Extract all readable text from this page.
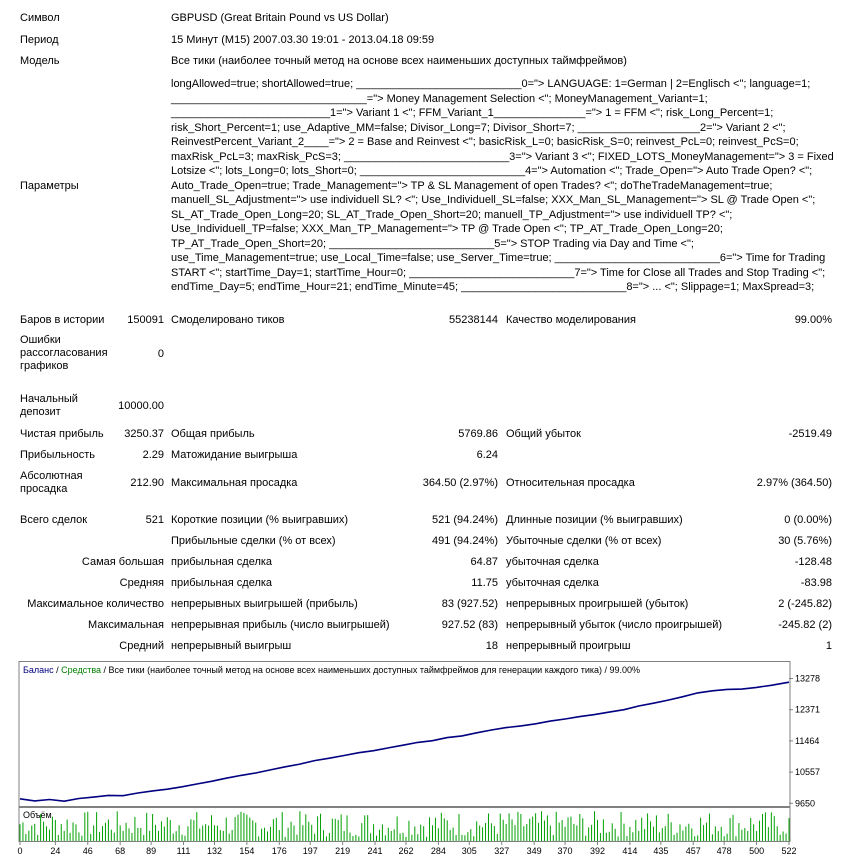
Символ	GBPUSD (Great Britain Pound vs US Dollar)
Период	15 Минут (M15) 2007.03.30 19:01 - 2013.04.18 09:59
Модель	Все тики (наиболее точный метод на основе всех наименьших доступных таймфреймов)
Параметры
longAllowed=true; shortAllowed=true; ___________________________0="> LANGUAGE: 1=German | 2=Englisch <"; language=1; ________________________________="> Money Management Selection <"; MoneyManagement_Variant=1; __________________________1="> Variant 1 <"; FFM_Variant_1_______________="> 1 = FFM <"; risk_Long_Percent=1; risk_Short_Percent=1; use_Adaptive_MM=false; Divisor_Long=7; Divisor_Short=7; ____________________2="> Variant 2 <"; ReinvestPercent_Variant_2____="> 2 = Base and Reinvest <"; basicRisk_L=0; basicRisk_S=0; reinvest_PcL=0; reinvest_PcS=0; maxRisk_PcL=3; maxRisk_PcS=3; ___________________________3="> Variant 3 <"; FIXED_LOTS_MoneyManagement="> 3 = Fixed Lotsize <"; lots_Long=0; lots_Short=0; ___________________________4="> Automation <"; Trade_Open="> Auto Trade Open? <"; Auto_Trade_Open=true; Trade_Management="> TP & SL Management of open Trades? <"; doTheTradeManagement=true; manuell_SL_Adjustment="> use individuell SL? <"; Use_Individuell_SL=false; XXX_Man_SL_Management="> SL @ Trade Open <"; SL_AT_Trade_Open_Long=20; SL_AT_Trade_Open_Short=20; manuell_TP_Adjustment="> use individuell TP? <"; Use_Individuell_TP=false; XXX_Man_TP_Management="> TP @ Trade Open <"; TP_AT_Trade_Open_Long=20; TP_AT_Trade_Open_Short=20; ___________________________5="> STOP Trading via Day and Time <"; use_Time_Management=true; use_Local_Time=false; use_Server_Time=true; ___________________________6="> Time for Trading START <"; startTime_Day=1; startTime_Hour=0; ___________________________7="> Time for Close all Trades and Stop Trading <"; endTime_Day=5; endTime_Hour=21; endTime_Minute=45; ___________________________8="> ... <"; Slippage=1; MaxSpread=3;
Баров в истории	150091 Смоделировано тиков	55238144 Качество моделирования	99.00%
Ошибки рассогласования графиков
0
Начальный депозит	10000.00
Чистая прибыль	3250.37 Общая прибыль	5769.86 Общий убыток	-2519.49
Прибыльность	2.29 Матожидание выигрыша	6.24
Абсолютная просадка	212.90 Максимальная просадка	364.50 (2.97%) Относительная просадка	2.97% (364.50)
Всего сделок	521 Короткие позиции (% выигравших)	521 (94.24%) Длинные позиции (% выигравших)	0 (0.00%)
Прибыльные сделки (% от всех)	491 (94.24%) Убыточные сделки (% от всех)	30 (5.76%)
Самая большая прибыльная сделка	64.87 убыточная сделка	-128.48
Средняя прибыльная сделка	11.75 убыточная сделка	-83.98
Максимальное количество непрерывных выигрышей (прибыль)	83 (927.52) непрерывных проигрышей (убыток)	2 (-245.82)
Максимальная непрерывная прибыль (число выигрышей)	927.52 (83) непрерывный убыток (число проигрышей)	-245.82 (2)
Средний непрерывный выигрыш	18 непрерывный проигрыш	1
Баланс / Средства / Все тики (наиболее точный метод на основе всех наименьших доступных таймфреймов для генерации каждого тика) / 99.00%
Объём
9650
10557
11464
12371
13278
0	24 46 68 89 111 132 154 176 197 219 241 262 284 305 327 349 370 392 414 435 457 478 500 522
